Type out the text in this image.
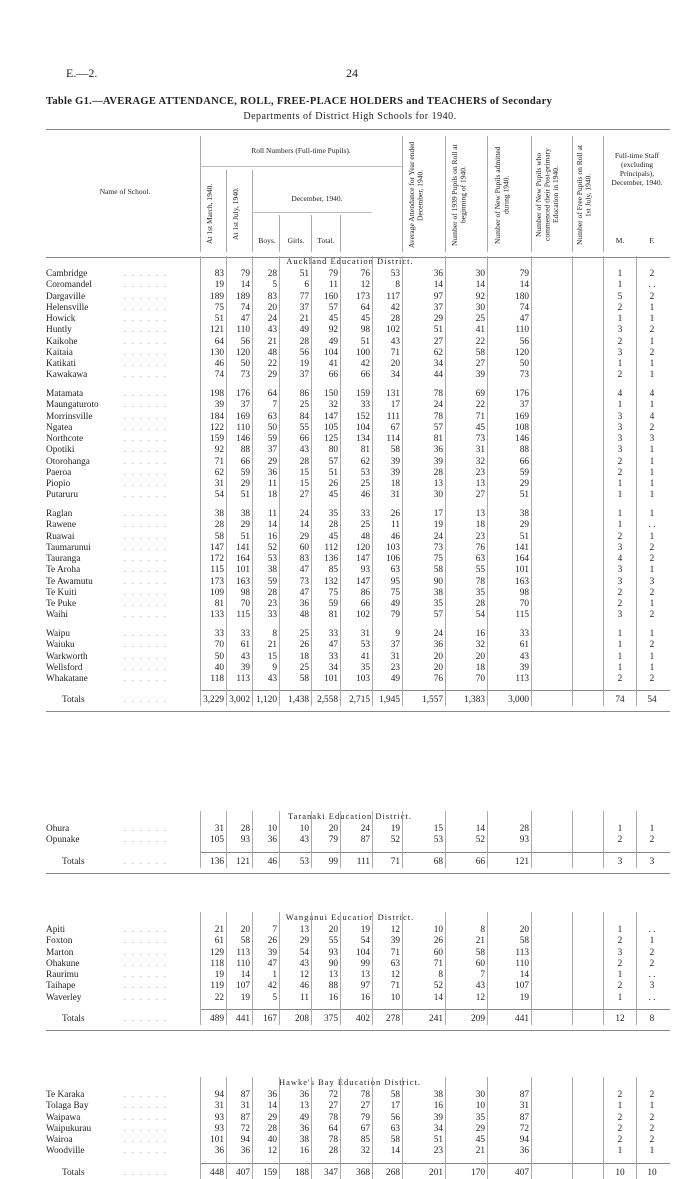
E.—2.	24
Table G1.—AVERAGE ATTENDANCE, ROLL, FREE-PLACE HOLDERS and TEACHERS of Secondary
Departments of District High Schools for 1940.
Name of School.
Roll Numbers (Full-time Pupils).
At 1st March, 1940.	At 1st July, 1940.	December, 1940.
Boys.	Girls.	Total.	Average Attendance for Year ended December, 1940.	Number of 1939 Pupils on Roll at beginning of 1940.	Number of New Pupils admitted during 1940.	Number of New Pupils who commenced their Post-primary Education in 1940.	Number of Free Pupils on Roll at 1st July, 1940.
Full-time Staff (excluding Principals), December, 1940.
M.	F.
Auckland Education District.
Cambridge	. . . . . .	83	79	28	51	79	76	53	36	30	79	1	2
Coromandel	. . . . . .	19	14	5	6	11	12	8	14	14	14	1	. .
Dargaville	. . . . . .	189	189	83	77	160	173	117	97	92	180	5	2
Helensville	. . . . . .	75	74	20	37	57	64	42	37	30	74	2	1
Howick	. . . . . .	51	47	24	21	45	45	28	29	25	47	1	1
Huntly	. . . . . .	121	110	43	49	92	98	102	51	41	110	3	2
Kaikohe	. . . . . .	64	56	21	28	49	51	43	27	22	56	2	1
Kaitaia	. . . . . .	130	120	48	56	104	100	71	62	58	120	3	2
Katikati	. . . . . .	46	50	22	19	41	42	20	34	27	50	1	1
Kawakawa	. . . . . .	74	73	29	37	66	66	34	44	39	73	2	1
Matamata	. . . . . .	198	176	64	86	150	159	131	78	69	176	4	4
Maungaturoto	. . . . . .	39	37	7	25	32	33	17	24	22	37	1	1
Morrinsville	. . . . . .	184	169	63	84	147	152	111	78	71	169	3	4
Ngatea	. . . . . .	122	110	50	55	105	104	67	57	45	108	3	2
Northcote	. . . . . .	159	146	59	66	125	134	114	81	73	146	3	3
Opotiki	. . . . . .	92	88	37	43	80	81	58	36	31	88	3	1
Otorohanga	. . . . . .	71	66	29	28	57	62	39	39	32	66	2	1
Paeroa	. . . . . .	62	59	36	15	51	53	39	28	23	59	2	1
Piopio	. . . . . .	31	29	11	15	26	25	18	13	13	29	1	1
Putaruru	. . . . . .	54	51	18	27	45	46	31	30	27	51	1	1
Raglan	. . . . . .	38	38	11	24	35	33	26	17	13	38	1	1
Rawene	. . . . . .	28	29	14	14	28	25	11	19	18	29	1	. .
Ruawai	. . . . . .	58	51	16	29	45	48	46	24	23	51	2	1
Taumarunui	. . . . . .	147	141	52	60	112	120	103	73	76	141	3	2
Tauranga	. . . . . .	172	164	53	83	136	147	106	75	63	164	4	2
Te Aroha	. . . . . .	115	101	38	47	85	93	63	58	55	101	3	1
Te Awamutu	. . . . . .	173	163	59	73	132	147	95	90	78	163	3	3
Te Kuiti	. . . . . .	109	98	28	47	75	86	75	38	35	98	2	2
Te Puke	. . . . . .	81	70	23	36	59	66	49	35	28	70	2	1
Waihi	. . . . . .	133	115	33	48	81	102	79	57	54	115	3	2
Waipu	. . . . . .	33	33	8	25	33	31	9	24	16	33	1	1
Waiuku	. . . . . .	70	61	21	26	47	53	37	36	32	61	1	2
Warkworth	. . . . . .	50	43	15	18	33	41	31	20	20	43	1	1
Wellsford	. . . . . .	40	39	9	25	34	35	23	20	18	39	1	1
Whakatane	. . . . . .	118	113	43	58	101	103	49	76	70	113	2	2
Totals	. . . . . .	3,229 3,002 1,120	1,438 2,558	2,715 1,945	1,557	1,383	3,000	74	54
Taranaki Education District.
Ohura	. . . . . .	31	28	10	10	20	24	19	15	14	28	1	1
Opunake	. . . . . .	105	93	36	43	79	87	52	53	52	93	2	2
Totals	. . . . . .	136	121	46	53	99	111	71	68	66	121	3	3
Wanganui Education District.
Apiti	. . . . . .	21	20	7	13	20	19	12	10	8	20	1	. .
Foxton	. . . . . .	61	58	26	29	55	54	39	26	21	58	2	1
Marton	. . . . . .	129	113	39	54	93	104	71	60	58	113	3	2
Ohakune	. . . . . .	118	110	47	43	90	99	63	71	60	110	2	2
Raurimu	. . . . . .	19	14	1	12	13	13	12	8	7	14	1	. .
Taihape	. . . . . .	119	107	42	46	88	97	71	52	43	107	2	3
Waverley	. . . . . .	22	19	5	11	16	16	10	14	12	19	1	. .
Totals	. . . . . .	489	441	167	208	375	402	278	241	209	441	12	8
Hawke's Bay Education District.
Te Karaka	. . . . . .	94	87	36	36	72	78	58	38	30	87	2	2
Tolaga Bay	. . . . . .	31	31	14	13	27	27	17	16	10	31	1	1
Waipawa	. . . . . .	93	87	29	49	78	79	56	39	35	87	2	2
Waipukurau	. . . . . .	93	72	28	36	64	67	63	34	29	72	2	2
Wairoa	. . . . . .	101	94	40	38	78	85	58	51	45	94	2	2
Woodville	. . . . . .	36	36	12	16	28	32	14	23	21	36	1	1
Totals	. . . . . .	448	407	159	188	347	368	268	201	170	407	10	10
